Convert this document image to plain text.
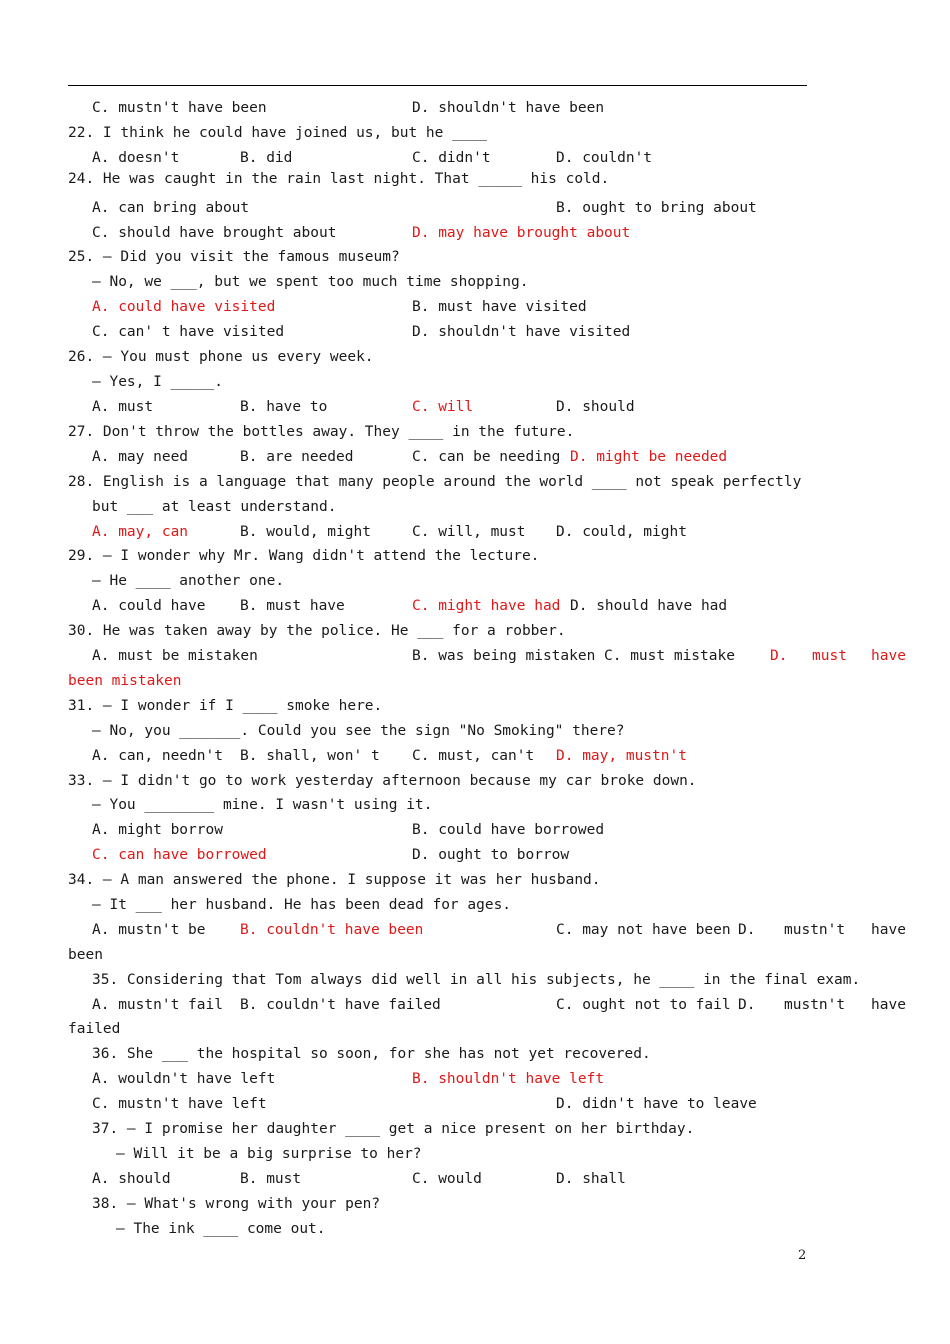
C. mustn't have been	D. shouldn't have been
22. I think he could have joined us, but he ____
A. doesn't	B. did	C. didn't	D. couldn't
24. He was caught in the rain last night. That _____ his cold.
A. can bring about	B. ought to bring about
C. should have brought about	D. may have brought about
25. — Did you visit the famous museum?
— No, we ___, but we spent too much time shopping.
A. could have visited	B. must have visited
C. can' t have visited	D. shouldn't have visited
26. — You must phone us every week.
— Yes, I _____.
A. must	B. have to	C. will	D. should
27. Don't throw the bottles away. They ____ in the future.
A. may need	B. are needed	C. can be needing D. might be needed
28. English is a language that many people around the world ____ not speak perfectly
but ___ at least understand.
A. may, can	B. would, might	C. will, must D. could, might
29. — I wonder why Mr. Wang didn't attend the lecture.
— He ____ another one.
A. could have B. must have	C. might have had D. should have had
30. He was taken away by the police. He ___ for a robber.
A. must be mistaken	B. was being mistaken C. must mistake D. must have
been mistaken
31. — I wonder if I ____ smoke here.
— No, you _______. Could you see the sign "No Smoking" there?
A. can, needn't B. shall, won' t C. must, can't D. may, mustn't
33. — I didn't go to work yesterday afternoon because my car broke down.
— You ________ mine. I wasn't using it.
A. might borrow	B. could have borrowed
C. can have borrowed	D. ought to borrow
34. — A man answered the phone. I suppose it was her husband.
— It ___ her husband. He has been dead for ages.
A. mustn't be B. couldn't have been	C. may not have been D. mustn't have
been
35. Considering that Tom always did well in all his subjects, he ____ in the final exam.
A. mustn't fail B. couldn't have failed	C. ought not to fail D. mustn't have
failed
36. She ___ the hospital so soon, for she has not yet recovered.
A. wouldn't have left	B. shouldn't have left
C. mustn't have left	D. didn't have to leave
37. — I promise her daughter ____ get a nice present on her birthday.
— Will it be a big surprise to her?
A. should	B. must	C. would	D. shall
38. — What's wrong with your pen?
— The ink ____ come out.
2
